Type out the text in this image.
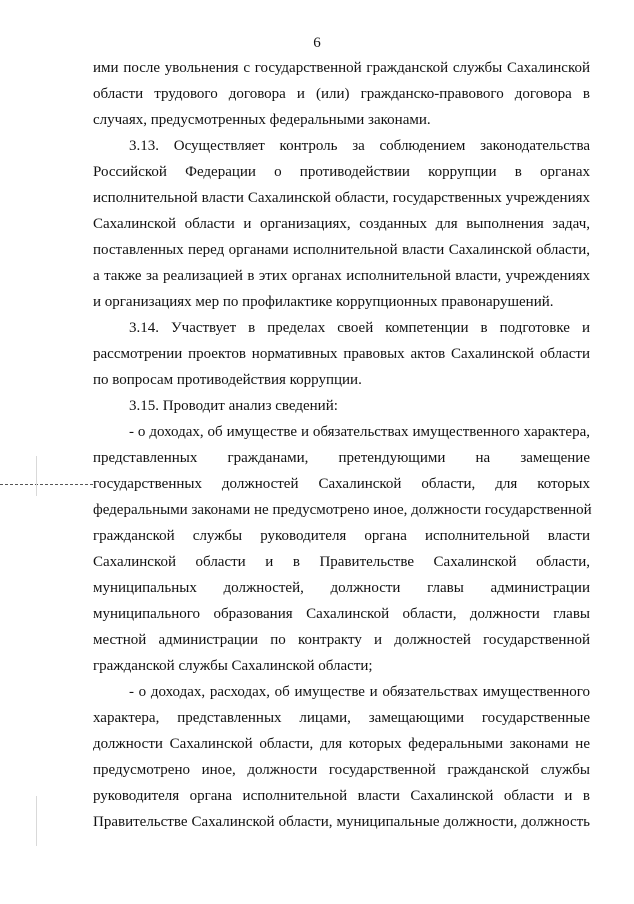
6
ими после увольнения с государственной гражданской службы Сахалинской
области трудового договора и (или) гражданско-правового договора в
случаях, предусмотренных федеральными законами.
3.13. Осуществляет контроль за соблюдением законодательства
Российской Федерации о противодействии коррупции в органах
исполнительной власти Сахалинской области, государственных учреждениях
Сахалинской области и организациях, созданных для выполнения задач,
поставленных перед органами исполнительной власти Сахалинской области,
а также за реализацией в этих органах исполнительной власти, учреждениях
и организациях мер по профилактике коррупционных правонарушений.
3.14. Участвует в пределах своей компетенции в подготовке и
рассмотрении проектов нормативных правовых актов Сахалинской области
по вопросам противодействия коррупции.
3.15. Проводит анализ сведений:
- о доходах, об имуществе и обязательствах имущественного характера,
представленных гражданами, претендующими на замещение
государственных должностей Сахалинской области, для которых
федеральными законами не предусмотрено иное, должности государственной
гражданской службы руководителя органа исполнительной власти
Сахалинской области и в Правительстве Сахалинской области,
муниципальных должностей, должности главы администрации
муниципального образования Сахалинской области, должности главы
местной администрации по контракту и должностей государственной
гражданской службы Сахалинской области;
- о доходах, расходах, об имуществе и обязательствах имущественного
характера, представленных лицами, замещающими государственные
должности Сахалинской области, для которых федеральными законами не
предусмотрено иное, должности государственной гражданской службы
руководителя органа исполнительной власти Сахалинской области и в
Правительстве Сахалинской области, муниципальные должности, должность
